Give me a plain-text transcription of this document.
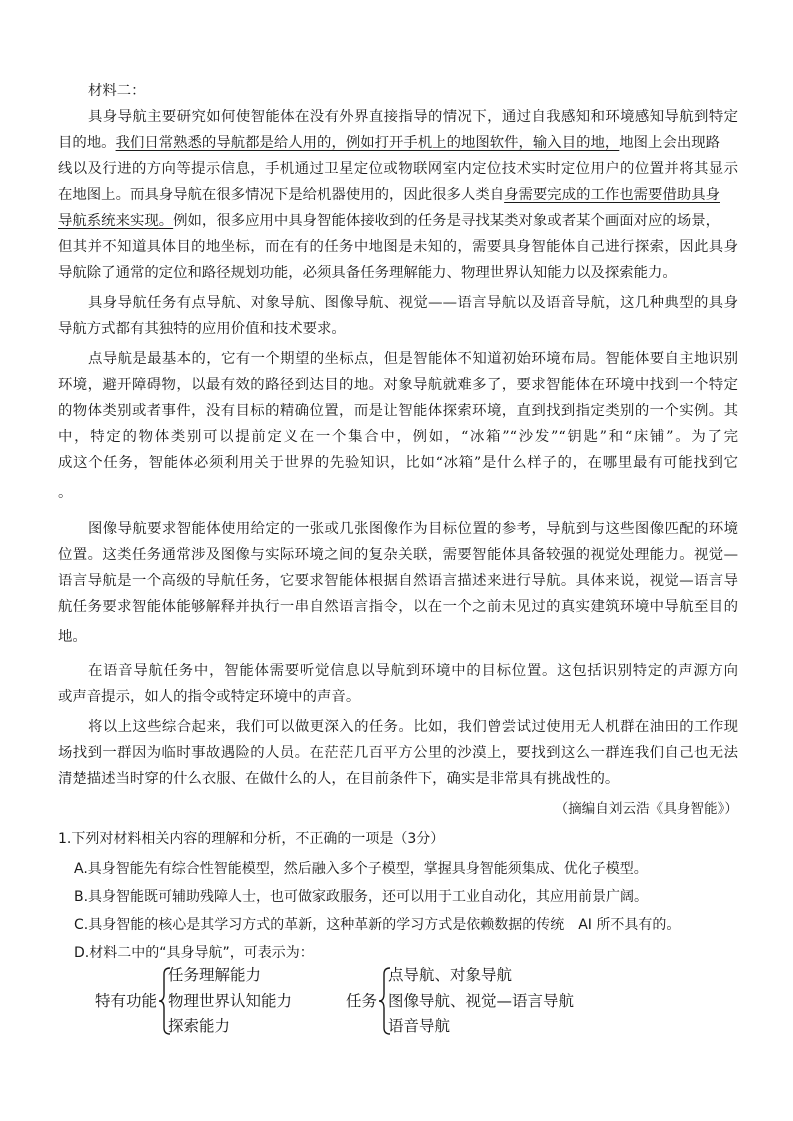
材料二：
具身导航主要研究如何使智能体在没有外界直接指导的情况下，通过自我感知和环境感知导航到特定
目的地。我们日常熟悉的导航都是给人用的，例如打开手机上的地图软件，输入目的地，地图上会出现路
线以及行进的方向等提示信息，手机通过卫星定位或物联网室内定位技术实时定位用户的位置并将其显示
在地图上。而具身导航在很多情况下是给机器使用的，因此很多人类自身需要完成的工作也需要借助具身
导航系统来实现。例如，很多应用中具身智能体接收到的任务是寻找某类对象或者某个画面对应的场景，
但其并不知道具体目的地坐标，而在有的任务中地图是未知的，需要具身智能体自己进行探索，因此具身
导航除了通常的定位和路径规划功能，必须具备任务理解能力、物理世界认知能力以及探索能力。
具身导航任务有点导航、对象导航、图像导航、视觉——语言导航以及语音导航，这几种典型的具身
导航方式都有其独特的应用价值和技术要求。
点导航是最基本的，它有一个期望的坐标点，但是智能体不知道初始环境布局。智能体要自主地识别
环境，避开障碍物，以最有效的路径到达目的地。对象导航就难多了，要求智能体在环境中找到一个特定
的物体类别或者事件，没有目标的精确位置，而是让智能体探索环境，直到找到指定类别的一个实例。其
中，特定的物体类别可以提前定义在一个集合中，例如，“冰箱”“沙发”“钥匙”和“床铺”。为了完
成这个任务，智能体必须利用关于世界的先验知识，比如“冰箱”是什么样子的，在哪里最有可能找到它
。
图像导航要求智能体使用给定的一张或几张图像作为目标位置的参考，导航到与这些图像匹配的环境
位置。这类任务通常涉及图像与实际环境之间的复杂关联，需要智能体具备较强的视觉处理能力。视觉—
语言导航是一个高级的导航任务，它要求智能体根据自然语言描述来进行导航。具体来说，视觉—语言导
航任务要求智能体能够解释并执行一串自然语言指令，以在一个之前未见过的真实建筑环境中导航至目的
地。
在语音导航任务中，智能体需要听觉信息以导航到环境中的目标位置。这包括识别特定的声源方向
或声音提示，如人的指令或特定环境中的声音。
将以上这些综合起来，我们可以做更深入的任务。比如，我们曾尝试过使用无人机群在油田的工作现
场找到一群因为临时事故遇险的人员。在茫茫几百平方公里的沙漠上，要找到这么一群连我们自己也无法
清楚描述当时穿的什么衣服、在做什么的人，在目前条件下，确实是非常具有挑战性的。
（摘编自刘云浩《具身智能》）
1.下列对材料相关内容的理解和分析，不正确的一项是（3分）
A.具身智能先有综合性智能模型，然后融入多个子模型，掌握具身智能须集成、优化子模型。
B.具身智能既可辅助残障人士，也可做家政服务，还可以用于工业自动化，其应用前景广阔。
C.具身智能的核心是其学习方式的革新，这种革新的学习方式是依赖数据的传统　AI 所不具有的。
D.材料二中的“具身导航”，可表示为：
特有功能
任务理解能力
物理世界认知能力
探索能力
任务
点导航、对象导航
图像导航、视觉—语言导航
语音导航
